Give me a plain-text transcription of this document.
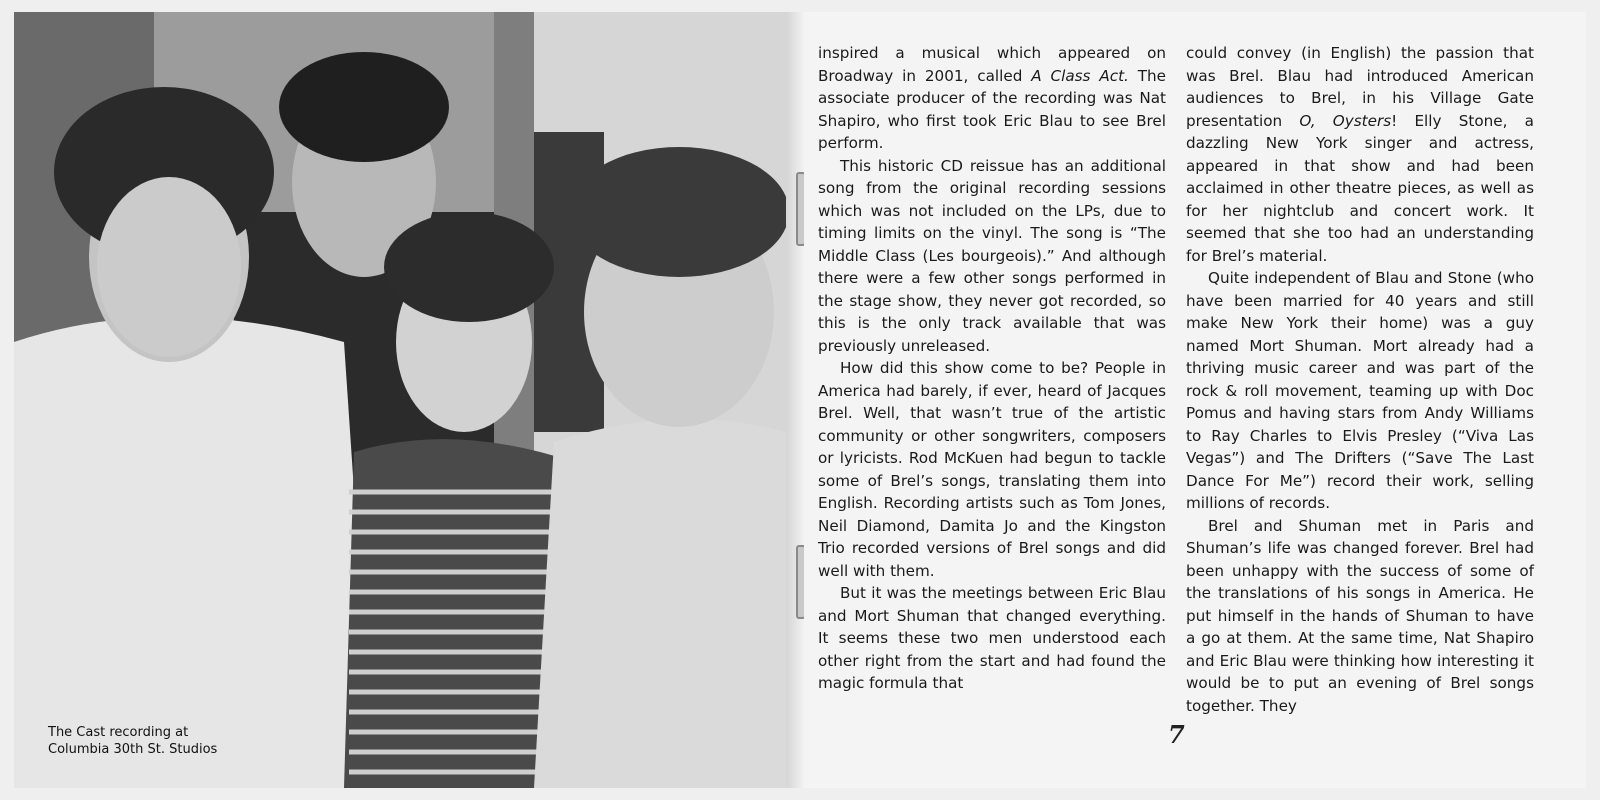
The Cast recording at
Columbia 30th St. Studios

inspired a musical which appeared on Broadway in 2001, called A Class Act. The associate producer of the recording was Nat Shapiro, who first took Eric Blau to see Brel perform.

This historic CD reissue has an additional song from the original recording sessions which was not included on the LPs, due to timing limits on the vinyl. The song is “The Middle Class (Les bourgeois).” And although there were a few other songs performed in the stage show, they never got recorded, so this is the only track available that was previously unreleased.

How did this show come to be? People in America had barely, if ever, heard of Jacques Brel. Well, that wasn’t true of the artistic community or other songwriters, composers or lyricists. Rod McKuen had begun to tackle some of Brel’s songs, translating them into English. Recording artists such as Tom Jones, Neil Diamond, Damita Jo and the Kingston Trio recorded versions of Brel songs and did well with them.

But it was the meetings between Eric Blau and Mort Shuman that changed everything. It seems these two men understood each other right from the start and had found the magic formula that

could convey (in English) the passion that was Brel. Blau had introduced American audiences to Brel, in his Village Gate presentation O, Oysters! Elly Stone, a dazzling New York singer and actress, appeared in that show and had been acclaimed in other theatre pieces, as well as for her nightclub and concert work. It seemed that she too had an understanding for Brel’s material.

Quite independent of Blau and Stone (who have been married for 40 years and still make New York their home) was a guy named Mort Shuman. Mort already had a thriving music career and was part of the rock & roll movement, teaming up with Doc Pomus and having stars from Andy Williams to Ray Charles to Elvis Presley (“Viva Las Vegas”) and The Drifters (“Save The Last Dance For Me”) record their work, selling millions of records.

Brel and Shuman met in Paris and Shuman’s life was changed forever. Brel had been unhappy with the success of some of the translations of his songs in America. He put himself in the hands of Shuman to have a go at them. At the same time, Nat Shapiro and Eric Blau were thinking how interesting it would be to put an evening of Brel songs together. They

7
